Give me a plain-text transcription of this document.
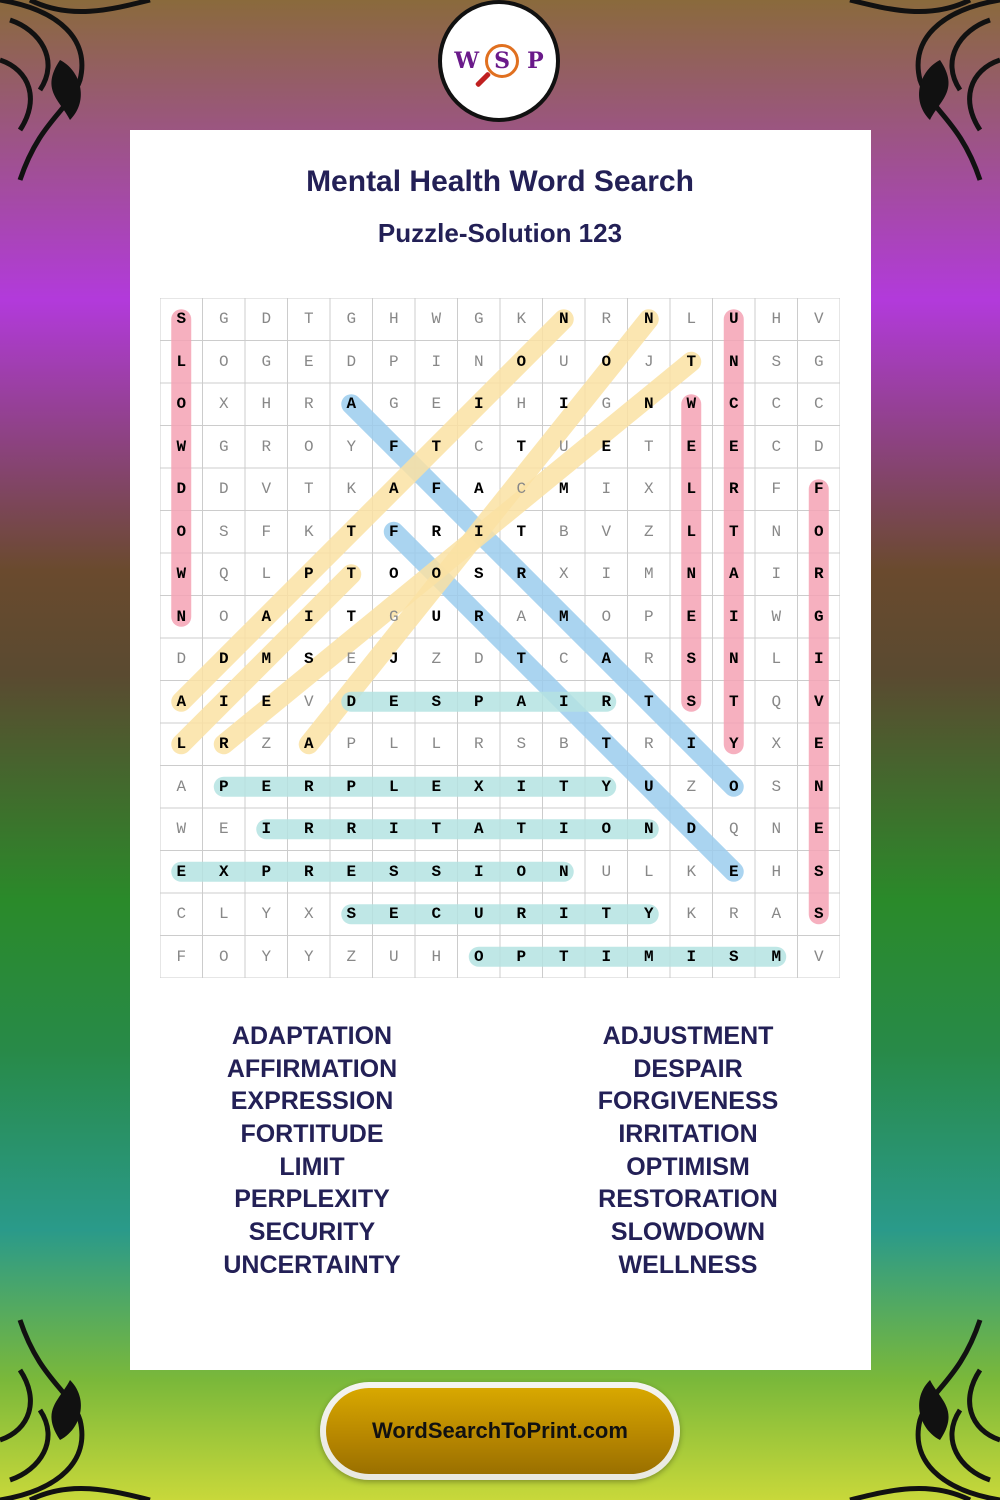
W S P
Mental Health Word Search
Puzzle-Solution 123
S	G	D	T	G	H	W	G	K	N	R	N	L	U	H	V
L	O	G	E	D	P	I	N	O	U	O	J	T	N	S	G
O	X	H	R	A	G	E	I	H	I	G	N	W	C	C	C
W	G	R	O	Y	F	T	C	T	U	E	T	E	E	C	D
D	D	V	T	K	A	F	A	C	M	I	X	L	R	F	F
O	S	F	K	T	F	R	I	T	B	V	Z	L	T	N	O
W	Q	L	P	T	O	O	S	R	X	I	M	N	A	I	R
N	O	A	I	T	G	U	R	A	M	O	P	E	I	W	G
D	D	M	S	E	J	Z	D	T	C	A	R	S	N	L	I
A	I	E	V	D	E	S	P	A	I	R	T	S	T	Q	V
L	R	Z	A	P	L	L	R	S	B	T	R	I	Y	X	E
A	P	E	R	P	L	E	X	I	T	Y	U	Z	O	S	N
W	E	I	R	R	I	T	A	T	I	O	N	D	Q	N	E
E	X	P	R	E	S	S	I	O	N	U	L	K	E	H	S
C	L	Y	X	S	E	C	U	R	I	T	Y	K	R	A	S
F	O	Y	Y	Z	U	H	O	P	T	I	M	I	S	M	V
ADAPTATION
AFFIRMATION
EXPRESSION
FORTITUDE
LIMIT
PERPLEXITY
SECURITY
UNCERTAINTY
ADJUSTMENT
DESPAIR
FORGIVENESS
IRRITATION
OPTIMISM
RESTORATION
SLOWDOWN
WELLNESS
WordSearchToPrint.com
